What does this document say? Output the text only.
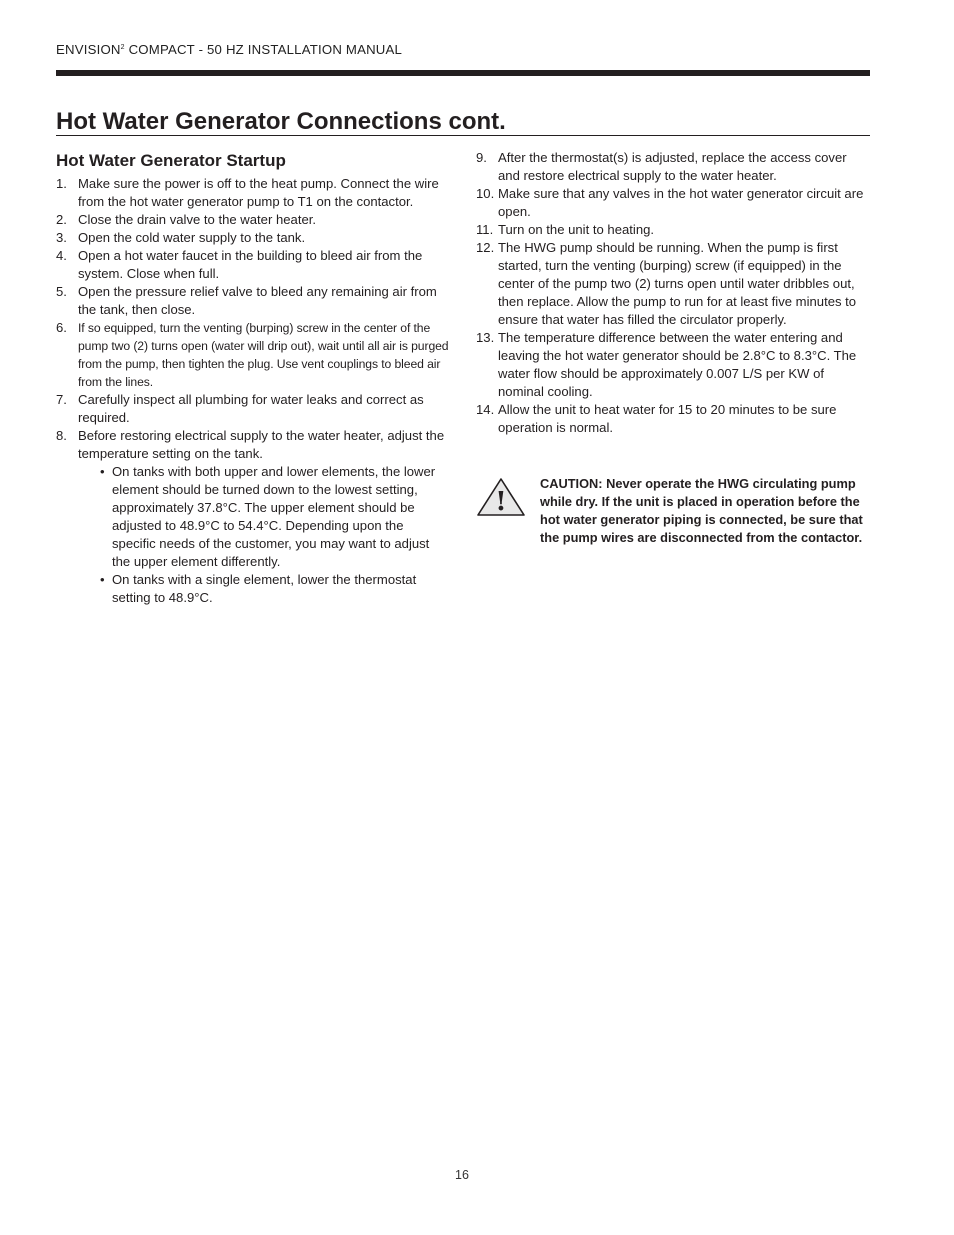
ENVISION$^2$ COMPACT - 50 HZ INSTALLATION MANUAL
Hot Water Generator Connections cont.
Hot Water Generator Startup
1. Make sure the power is off to the heat pump. Connect the wire from the hot water generator pump to T1 on the contactor.
2. Close the drain valve to the water heater.
3. Open the cold water supply to the tank.
4. Open a hot water faucet in the building to bleed air from the system. Close when full.
5. Open the pressure relief valve to bleed any remaining air from the tank, then close.
6. If so equipped, turn the venting (burping) screw in the center of the pump two (2) turns open (water will drip out), wait until all air is purged from the pump, then tighten the plug. Use vent couplings to bleed air from the lines.
7. Carefully inspect all plumbing for water leaks and correct as required.
8. Before restoring electrical supply to the water heater, adjust the temperature setting on the tank.
• On tanks with both upper and lower elements, the lower element should be turned down to the lowest setting, approximately 37.8°C. The upper element should be adjusted to 48.9°C to 54.4°C. Depending upon the specific needs of the customer, you may want to adjust the upper element differently.
• On tanks with a single element, lower the thermostat setting to 48.9°C.
9. After the thermostat(s) is adjusted, replace the access cover and restore electrical supply to the water heater.
10. Make sure that any valves in the hot water generator circuit are open.
11. Turn on the unit to heating.
12. The HWG pump should be running. When the pump is first started, turn the venting (burping) screw (if equipped) in the center of the pump two (2) turns open until water dribbles out, then replace. Allow the pump to run for at least five minutes to ensure that water has filled the circulator properly.
13. The temperature difference between the water entering and leaving the hot water generator should be 2.8°C to 8.3°C. The water flow should be approximately 0.007 L/S per KW of nominal cooling.
14. Allow the unit to heat water for 15 to 20 minutes to be sure operation is normal.
!
CAUTION: Never operate the HWG circulating pump while dry. If the unit is placed in operation before the hot water generator piping is connected, be sure that the pump wires are disconnected from the contactor.
16
